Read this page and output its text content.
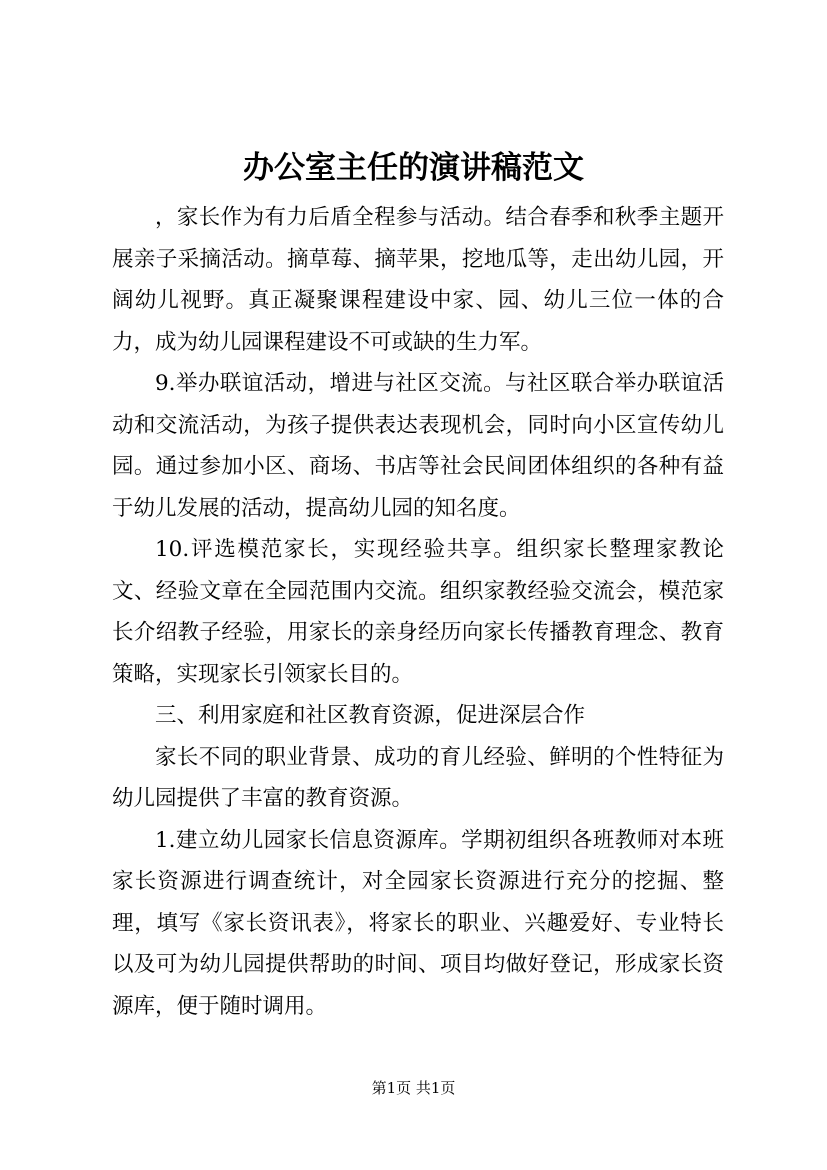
办公室主任的演讲稿范文

，家长作为有力后盾全程参与活动。结合春季和秋季主题开展亲子采摘活动。摘草莓、摘苹果，挖地瓜等，走出幼儿园，开阔幼儿视野。真正凝聚课程建设中家、园、幼儿三位一体的合力，成为幼儿园课程建设不可或缺的生力军。

9.举办联谊活动，增进与社区交流。与社区联合举办联谊活动和交流活动，为孩子提供表达表现机会，同时向小区宣传幼儿园。通过参加小区、商场、书店等社会民间团体组织的各种有益于幼儿发展的活动，提高幼儿园的知名度。

10.评选模范家长，实现经验共享。组织家长整理家教论文、经验文章在全园范围内交流。组织家教经验交流会，模范家长介绍教子经验，用家长的亲身经历向家长传播教育理念、教育策略，实现家长引领家长目的。

三、利用家庭和社区教育资源，促进深层合作

家长不同的职业背景、成功的育儿经验、鲜明的个性特征为幼儿园提供了丰富的教育资源。

1.建立幼儿园家长信息资源库。学期初组织各班教师对本班家长资源进行调查统计，对全园家长资源进行充分的挖掘、整理，填写《家长资讯表》，将家长的职业、兴趣爱好、专业特长以及可为幼儿园提供帮助的时间、项目均做好登记，形成家长资源库，便于随时调用。

第1页 共1页
